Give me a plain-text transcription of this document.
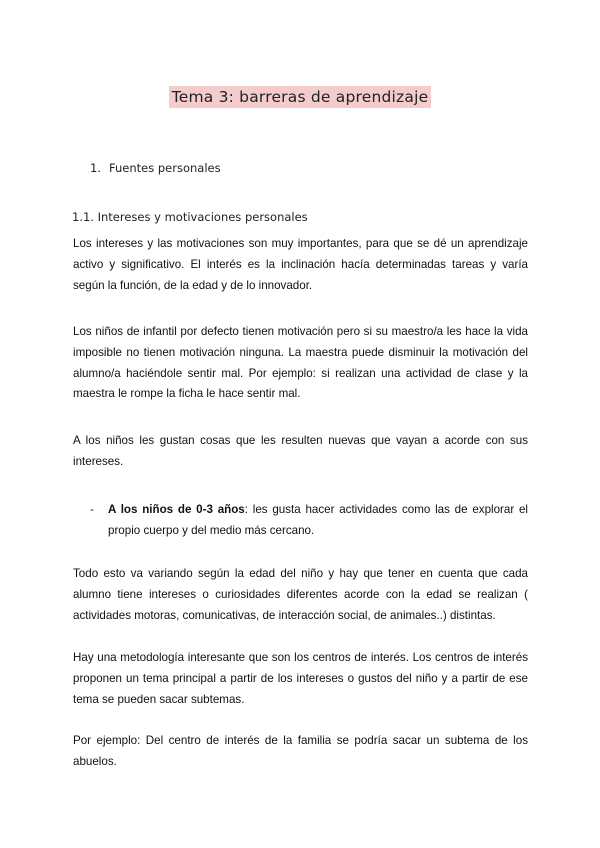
Tema 3: barreras de aprendizaje
1. Fuentes personales
1.1. Intereses y motivaciones personales

Los intereses y las motivaciones son muy importantes, para que se dé un aprendizaje activo y significativo. El interés es la inclinación hacía determinadas tareas y varía según la función, de la edad y de lo innovador.

Los niños de infantil por defecto tienen motivación pero si su maestro/a les hace la vida imposible no tienen motivación ninguna. La maestra puede disminuir la motivación del alumno/a haciéndole sentir mal. Por ejemplo: si realizan una actividad de clase y la maestra le rompe la ficha le hace sentir mal.

A los niños les gustan cosas que les resulten nuevas que vayan a acorde con sus intereses.

- A los niños de 0-3 años: les gusta hacer actividades como las de explorar el propio cuerpo y del medio más cercano.

Todo esto va variando según la edad del niño y hay que tener en cuenta que cada alumno tiene intereses o curiosidades diferentes acorde con la edad se realizan ( actividades motoras, comunicativas, de interacción social, de animales..) distintas.

Hay una metodología interesante que son los centros de interés. Los centros de interés proponen un tema principal a partir de los intereses o gustos del niño y a partir de ese tema se pueden sacar subtemas.

Por ejemplo: Del centro de interés de la familia se podría sacar un subtema de los abuelos.
